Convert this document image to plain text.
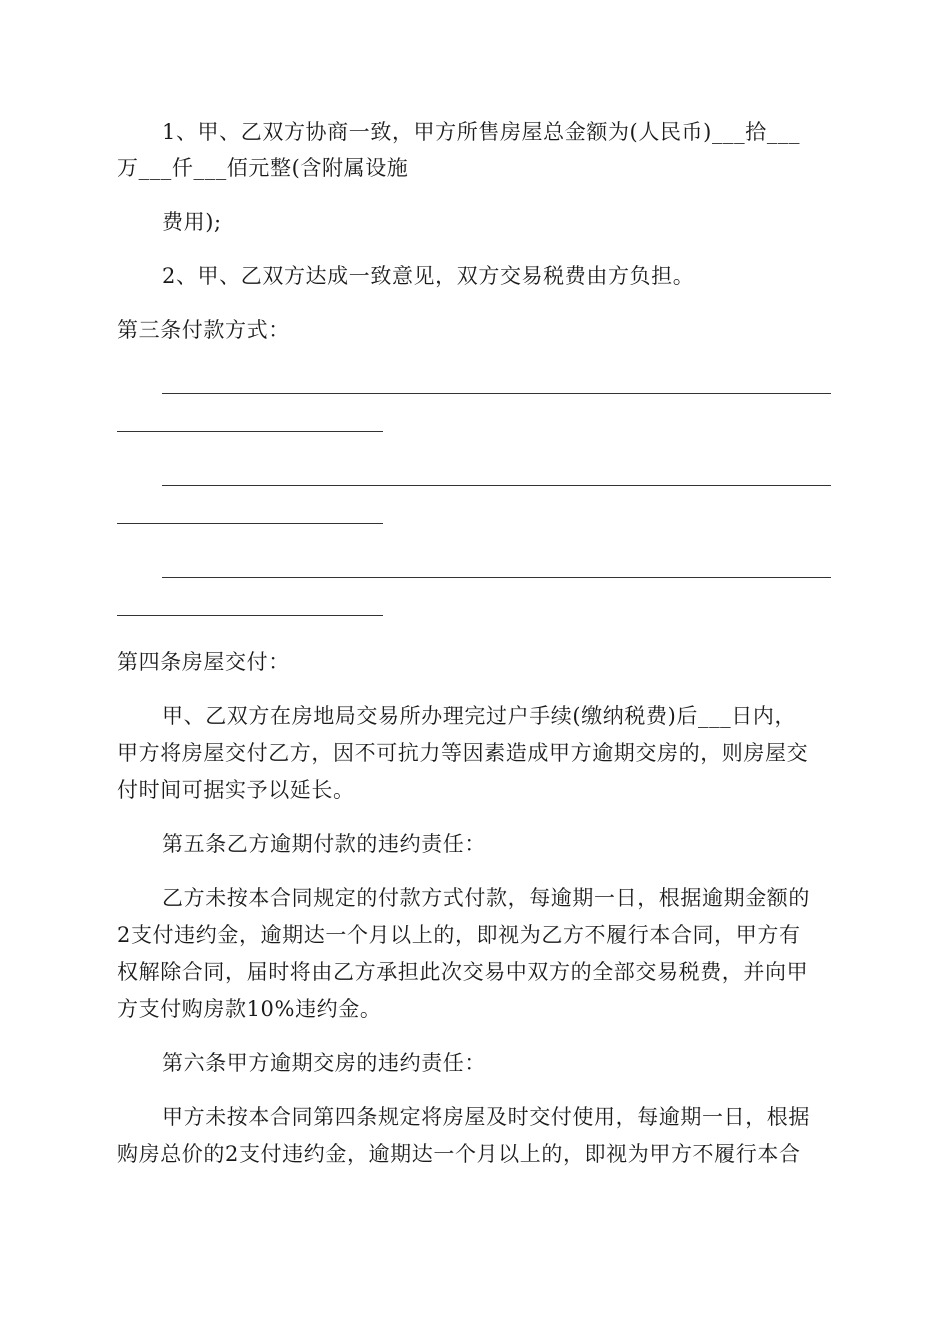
1、甲、乙双方协商一致，甲方所售房屋总金额为(人民币)___拾___
万___仟___佰元整(含附属设施
费用);
2、甲、乙双方达成一致意见，双方交易税费由方负担。
第三条付款方式：
第四条房屋交付：
甲、乙双方在房地局交易所办理完过户手续(缴纳税费)后___日内，
甲方将房屋交付乙方，因不可抗力等因素造成甲方逾期交房的，则房屋交
付时间可据实予以延长。
第五条乙方逾期付款的违约责任：
乙方未按本合同规定的付款方式付款，每逾期一日，根据逾期金额的
2支付违约金，逾期达一个月以上的，即视为乙方不履行本合同，甲方有
权解除合同，届时将由乙方承担此次交易中双方的全部交易税费，并向甲
方支付购房款10%违约金。
第六条甲方逾期交房的违约责任：
甲方未按本合同第四条规定将房屋及时交付使用，每逾期一日，根据
购房总价的2支付违约金，逾期达一个月以上的，即视为甲方不履行本合
